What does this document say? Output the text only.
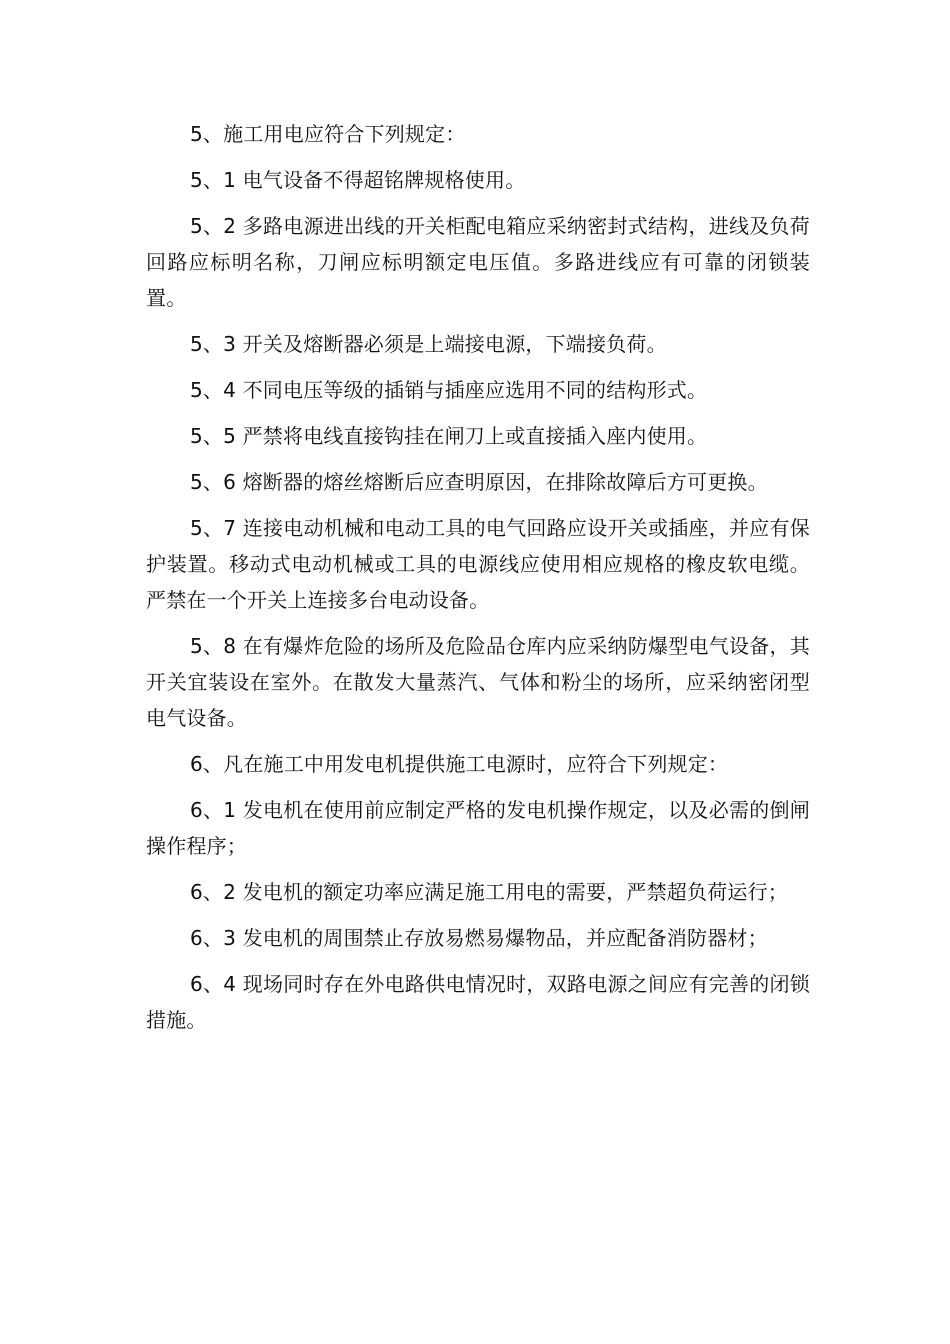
5、施工用电应符合下列规定：

5、1 电气设备不得超铭牌规格使用。

5、2 多路电源进出线的开关柜配电箱应采纳密封式结构，进线及负荷回路应标明名称，刀闸应标明额定电压值。多路进线应有可靠的闭锁装置。

5、3 开关及熔断器必须是上端接电源，下端接负荷。

5、4 不同电压等级的插销与插座应选用不同的结构形式。

5、5 严禁将电线直接钩挂在闸刀上或直接插入座内使用。

5、6 熔断器的熔丝熔断后应查明原因，在排除故障后方可更换。

5、7 连接电动机械和电动工具的电气回路应设开关或插座，并应有保护装置。移动式电动机械或工具的电源线应使用相应规格的橡皮软电缆。严禁在一个开关上连接多台电动设备。

5、8 在有爆炸危险的场所及危险品仓库内应采纳防爆型电气设备，其开关宜装设在室外。在散发大量蒸汽、气体和粉尘的场所，应采纳密闭型电气设备。

6、凡在施工中用发电机提供施工电源时，应符合下列规定：

6、1 发电机在使用前应制定严格的发电机操作规定，以及必需的倒闸操作程序；

6、2 发电机的额定功率应满足施工用电的需要，严禁超负荷运行；

6、3 发电机的周围禁止存放易燃易爆物品，并应配备消防器材；

6、4 现场同时存在外电路供电情况时，双路电源之间应有完善的闭锁措施。
